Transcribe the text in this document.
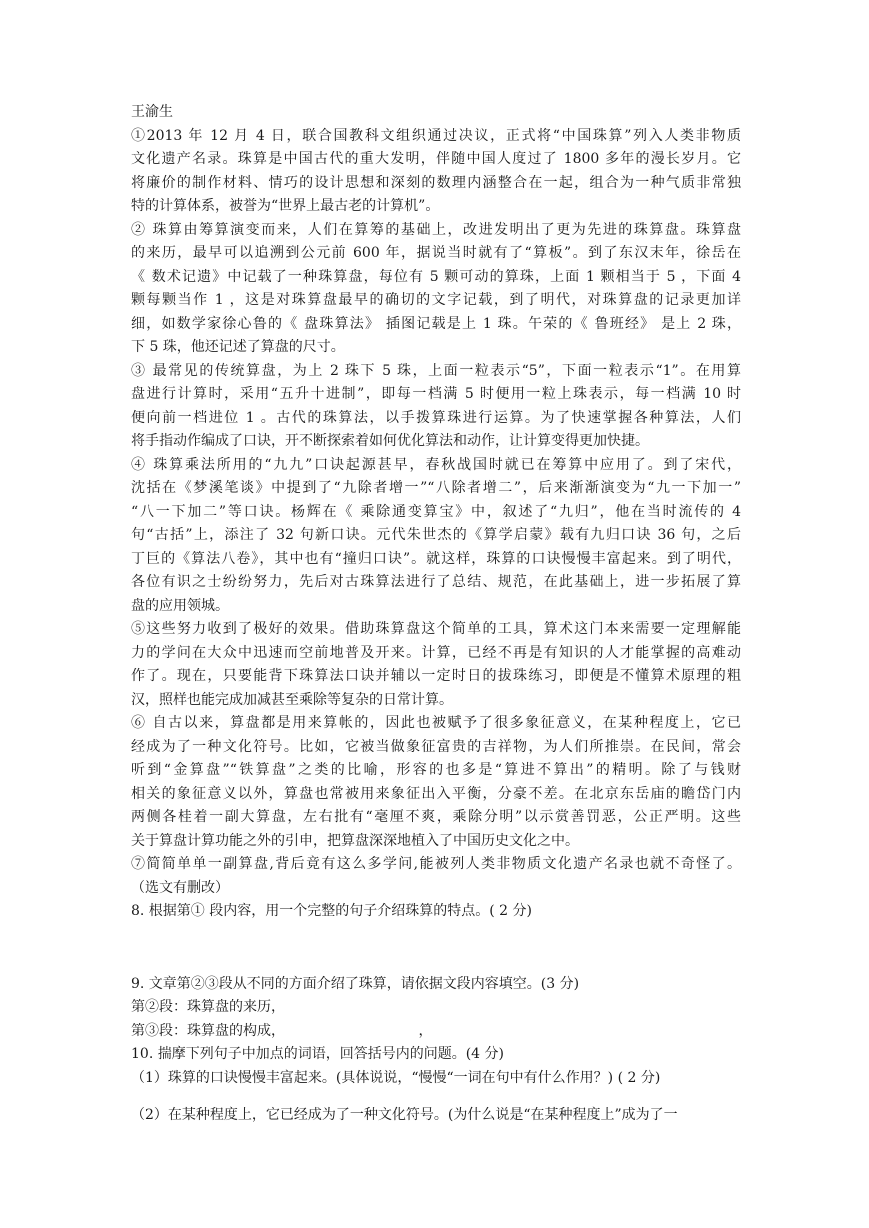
王渝生
①2013 年 12 月 4 日，联合国教科文组织通过决议，正式将“中国珠算”列入人类非物质
文化遗产名录。珠算是中国古代的重大发明，伴随中国人度过了 1800 多年的漫长岁月。它
将廉价的制作材料、情巧的设计思想和深刻的数理内涵整合在一起，组合为一种气质非常独
特的计算体系，被誉为“世界上最古老的计算机”。
② 珠算由筹算演变而来，人们在算筹的基础上，改进发明出了更为先进的珠算盘。珠算盘
的来历，最早可以追溯到公元前 600 年，据说当时就有了“算板”。到了东汉末年，徐岳在
《 数术记遗》中记载了一种珠算盘，每位有 5 颗可动的算珠，上面 1 颗相当于 5 ，下面 4
颗每颗当作 1 ，这是对珠算盘最早的确切的文字记载，到了明代，对珠算盘的记录更加详
细，如数学家徐心鲁的《 盘珠算法》 插图记载是上 1 珠。午荣的《 鲁班经》 是上 2 珠，
下 5 珠，他还记述了算盘的尺寸。
③ 最常见的传统算盘，为上 2 珠下 5 珠，上面一粒表示“5”，下面一粒表示“1”。在用算
盘进行计算时，采用“五升十进制”，即每一档满 5 时便用一粒上珠表示，每一档满 10 时
便向前一档进位 1 。古代的珠算法，以手拨算珠进行运算。为了快速掌握各种算法，人们
将手指动作编成了口诀，开不断探索着如何优化算法和动作，让计算变得更加快捷。
④ 珠算乘法所用的“九九”口诀起源甚早，春秋战国时就已在筹算中应用了。到了宋代，
沈括在《梦溪笔谈》中提到了“九除者增一”“八除者增二”，后来渐渐演变为“九一下加一”
“八一下加二”等口诀。杨辉在《 乘除通变算宝》中，叙述了“九归”，他在当时流传的 4
句“古括”上，添注了 32 句新口诀。元代朱世杰的《算学启蒙》载有九归口诀 36 句，之后
丁巨的《算法八卷》，其中也有“撞归口诀”。就这样，珠算的口诀慢慢丰富起来。到了明代，
各位有识之士纷纷努力，先后对古珠算法进行了总结、规范，在此基础上，进一步拓展了算
盘的应用领城。
⑤这些努力收到了极好的效果。借助珠算盘这个简单的工具，算术这门本来需要一定理解能
力的学问在大众中迅速而空前地普及开来。计算，已经不再是有知识的人才能掌握的高难动
作了。现在，只要能背下珠算法口诀并辅以一定时日的拔珠练习，即便是不懂算术原理的粗
汉，照样也能完成加减甚至乘除等复杂的日常计算。
⑥ 自古以来，算盘都是用来算帐的，因此也被赋予了很多象征意义，在某种程度上，它已
经成为了一种文化符号。比如，它被当做象征富贵的吉祥物，为人们所推崇。在民间，常会
听到“金算盘”“铁算盘”之类的比喻，形容的也多是“算进不算出”的精明。除了与钱财
相关的象征意义以外，算盘也常被用来象征出入平衡，分豪不差。在北京东岳庙的瞻岱门内
两侧各桂着一副大算盘，左右批有“毫厘不爽，乘除分明”以示赏善罚恶，公正严明。这些
关于算盘计算功能之外的引申，把算盘深深地植入了中国历史文化之中。
⑦简简单单一副算盘,背后竟有这么多学问,能被列人类非物质文化遗产名录也就不奇怪了。
（选文有删改）
8. 根据第① 段内容，用一个完整的句子介绍珠算的特点。( 2 分)
9. 文章第②③段从不同的方面介绍了珠算，请依据文段内容填空。(3 分)
第②段：珠算盘的来历，
第③段：珠算盘的构成，                              ，
10. 揣摩下列句子中加点的词语，回答括号内的问题。(4 分)
（1）珠算的口诀慢慢丰富起来。(具体说说，“慢慢“一词在句中有什么作用？) ( 2 分)
（2）在某种程度上，它已经成为了一种文化符号。(为什么说是“在某种程度上”成为了一
